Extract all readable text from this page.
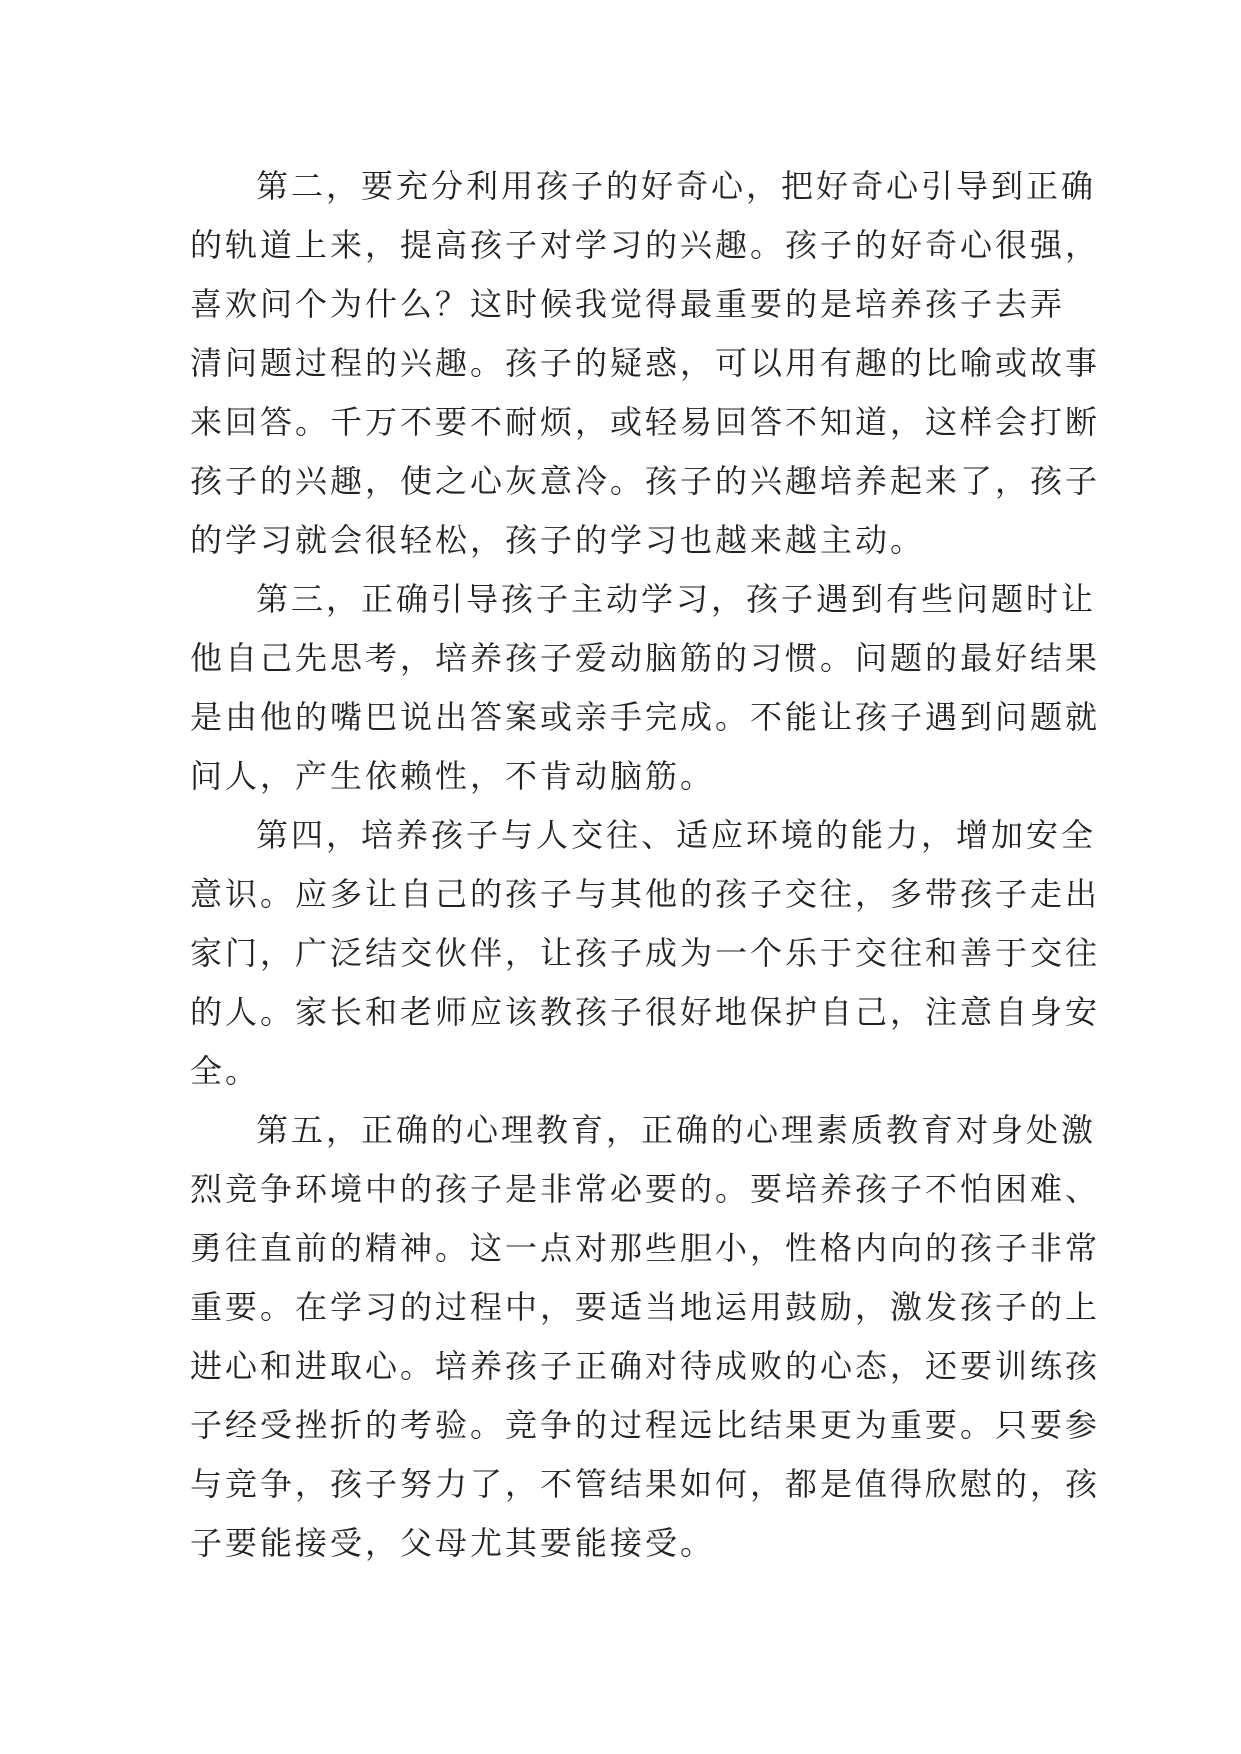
第二，要充分利用孩子的好奇心，把好奇心引导到正确
的轨道上来，提高孩子对学习的兴趣。孩子的好奇心很强，
喜欢问个为什么？这时候我觉得最重要的是培养孩子去弄
清问题过程的兴趣。孩子的疑惑，可以用有趣的比喻或故事
来回答。千万不要不耐烦，或轻易回答不知道，这样会打断
孩子的兴趣，使之心灰意冷。孩子的兴趣培养起来了，孩子
的学习就会很轻松，孩子的学习也越来越主动。
第三，正确引导孩子主动学习，孩子遇到有些问题时让
他自己先思考，培养孩子爱动脑筋的习惯。问题的最好结果
是由他的嘴巴说出答案或亲手完成。不能让孩子遇到问题就
问人，产生依赖性，不肯动脑筋。
第四，培养孩子与人交往、适应环境的能力，增加安全
意识。应多让自己的孩子与其他的孩子交往，多带孩子走出
家门，广泛结交伙伴，让孩子成为一个乐于交往和善于交往
的人。家长和老师应该教孩子很好地保护自己，注意自身安
全。
第五，正确的心理教育，正确的心理素质教育对身处激
烈竞争环境中的孩子是非常必要的。要培养孩子不怕困难、
勇往直前的精神。这一点对那些胆小，性格内向的孩子非常
重要。在学习的过程中，要适当地运用鼓励，激发孩子的上
进心和进取心。培养孩子正确对待成败的心态，还要训练孩
子经受挫折的考验。竞争的过程远比结果更为重要。只要参
与竞争，孩子努力了，不管结果如何，都是值得欣慰的，孩
子要能接受，父母尤其要能接受。
